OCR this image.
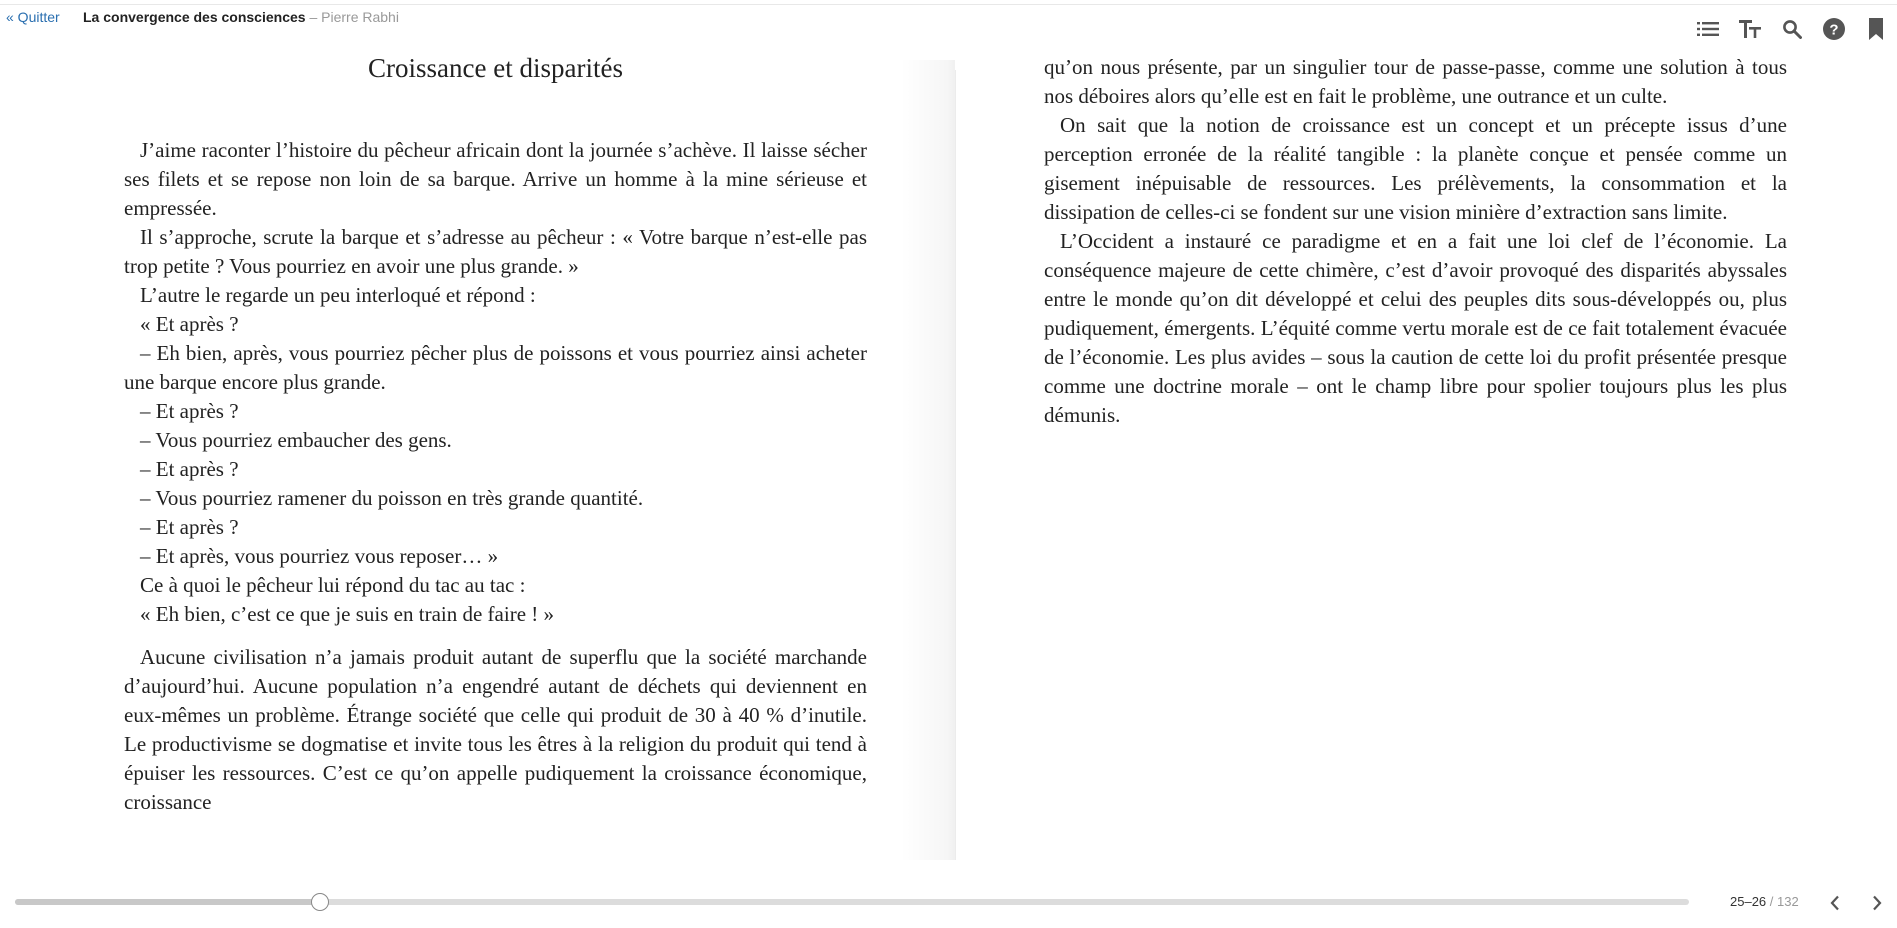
« Quitter La convergence des consciences – Pierre Rabhi
?
Croissance et disparités

J’aime raconter l’histoire du pêcheur africain dont la journée s’achève. Il laisse sécher ses filets et se repose non loin de sa barque. Arrive un homme à la mine sérieuse et empressée.

Il s’approche, scrute la barque et s’adresse au pêcheur : « Votre barque n’est-elle pas trop petite ? Vous pourriez en avoir une plus grande. »

L’autre le regarde un peu interloqué et répond :

« Et après ?

– Eh bien, après, vous pourriez pêcher plus de poissons et vous pourriez ainsi acheter une barque encore plus grande.

– Et après ?

– Vous pourriez embaucher des gens.

– Et après ?

– Vous pourriez ramener du poisson en très grande quantité.

– Et après ?

– Et après, vous pourriez vous reposer… »

Ce à quoi le pêcheur lui répond du tac au tac :

« Eh bien, c’est ce que je suis en train de faire ! »

Aucune civilisation n’a jamais produit autant de superflu que la société marchande d’aujourd’hui. Aucune population n’a engendré autant de déchets qui deviennent en eux-mêmes un problème. Étrange société que celle qui produit de 30 à 40 % d’inutile. Le productivisme se dogmatise et invite tous les êtres à la religion du produit qui tend à épuiser les ressources. C’est ce qu’on appelle pudiquement la croissance économique, croissance

qu’on nous présente, par un singulier tour de passe-passe, comme une solution à tous nos déboires alors qu’elle est en fait le problème, une outrance et un culte.

On sait que la notion de croissance est un concept et un précepte issus d’une perception erronée de la réalité tangible : la planète conçue et pensée comme un gisement inépuisable de ressources. Les prélèvements, la consommation et la dissipation de celles-ci se fondent sur une vision minière d’extraction sans limite.

L’Occident a instauré ce paradigme et en a fait une loi clef de l’économie. La conséquence majeure de cette chimère, c’est d’avoir provoqué des disparités abyssales entre le monde qu’on dit développé et celui des peuples dits sous-développés ou, plus pudiquement, émergents. L’équité comme vertu morale est de ce fait totalement évacuée de l’économie. Les plus avides – sous la caution de cette loi du profit présentée presque comme une doctrine morale – ont le champ libre pour spolier toujours plus les plus démunis.

25–26 / 132
